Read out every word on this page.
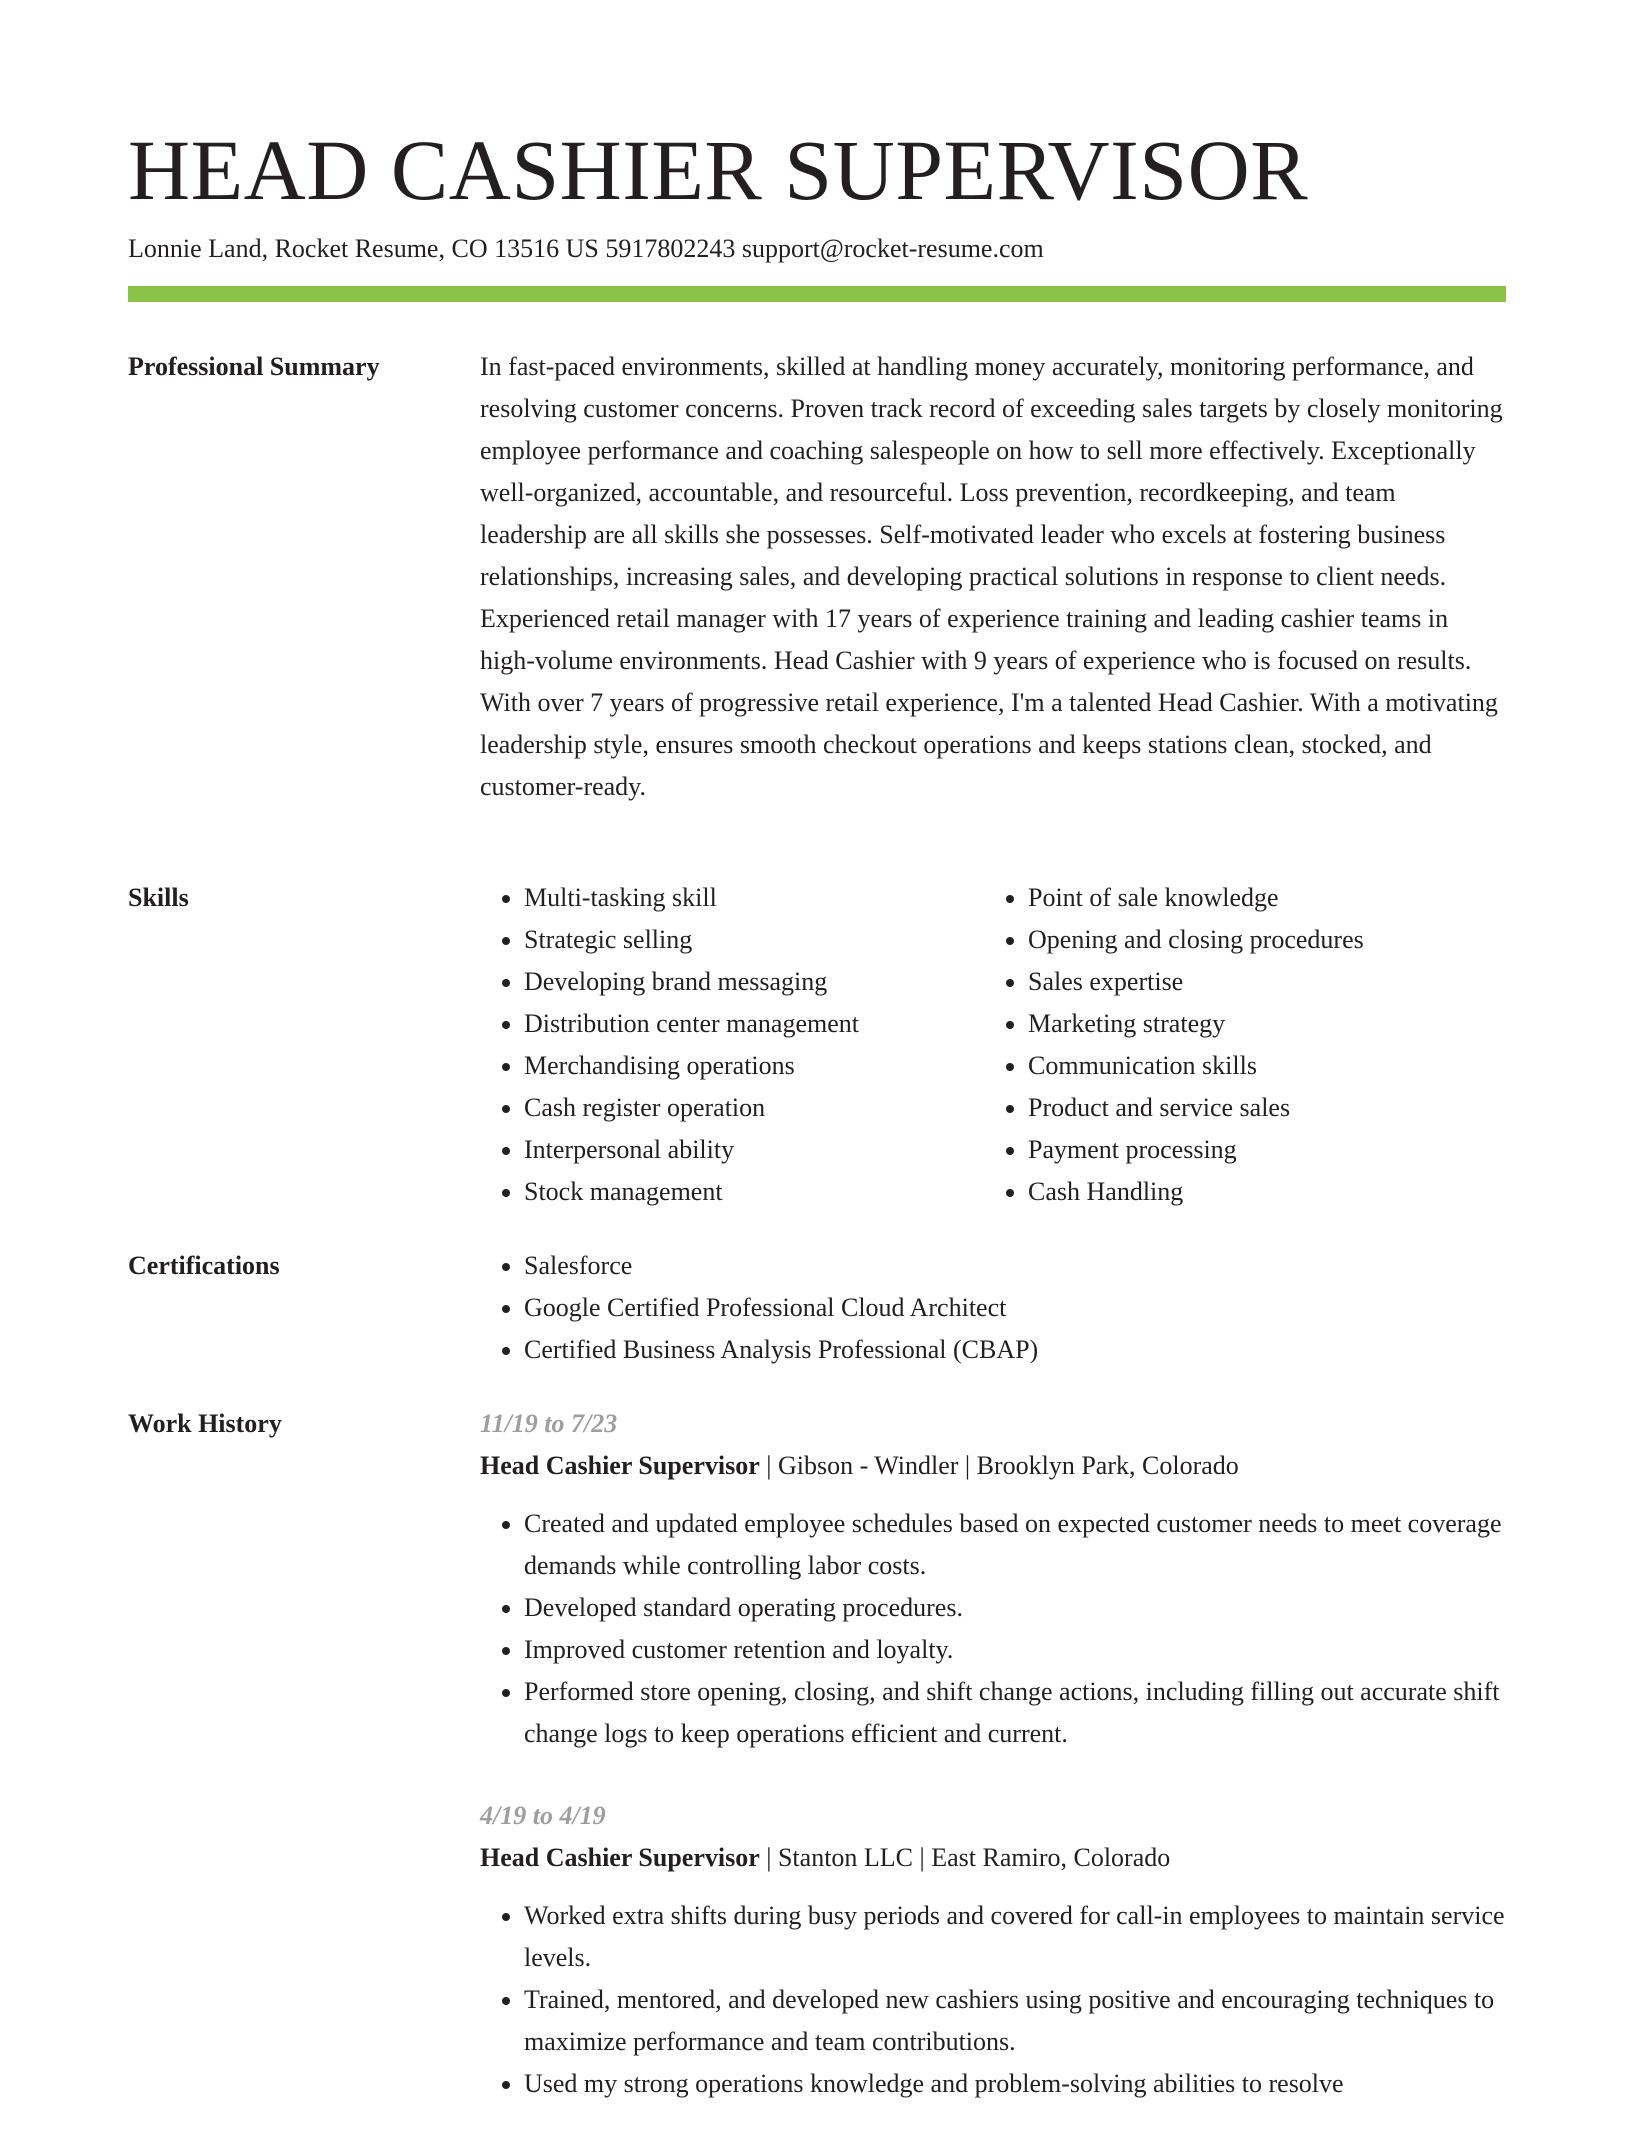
HEAD CASHIER SUPERVISOR
Lonnie Land, Rocket Resume, CO 13516 US 5917802243 support@rocket-resume.com
Professional Summary	In fast-paced environments, skilled at handling money accurately, monitoring performance, and resolving customer concerns. Proven track record of exceeding sales targets by closely monitoring employee performance and coaching salespeople on how to sell more effectively. Exceptionally well-organized, accountable, and resourceful. Loss prevention, recordkeeping, and team leadership are all skills she possesses. Self-motivated leader who excels at fostering business relationships, increasing sales, and developing practical solutions in response to client needs. Experienced retail manager with 17 years of experience training and leading cashier teams in high-volume environments. Head Cashier with 9 years of experience who is focused on results. With over 7 years of progressive retail experience, I'm a talented Head Cashier. With a motivating leadership style, ensures smooth checkout operations and keeps stations clean, stocked, and customer-ready.

Skills	• Multi-tasking skill
• Strategic selling
• Developing brand messaging
• Distribution center management
• Merchandising operations
• Cash register operation
• Interpersonal ability
• Stock management
• Point of sale knowledge
• Opening and closing procedures
• Sales expertise
• Marketing strategy
• Communication skills
• Product and service sales
• Payment processing
• Cash Handling
Certifications	• Salesforce
• Google Certified Professional Cloud Architect
• Certified Business Analysis Professional (CBAP)
Work History	11/19 to 7/23
Head Cashier Supervisor | Gibson - Windler | Brooklyn Park, Colorado
• Created and updated employee schedules based on expected customer needs to meet coverage demands while controlling labor costs.
• Developed standard operating procedures.
• Improved customer retention and loyalty.
• Performed store opening, closing, and shift change actions, including filling out accurate shift change logs to keep operations efficient and current.
4/19 to 4/19
Head Cashier Supervisor | Stanton LLC | East Ramiro, Colorado
• Worked extra shifts during busy periods and covered for call-in employees to maintain service levels.
• Trained, mentored, and developed new cashiers using positive and encouraging techniques to maximize performance and team contributions.
• Used my strong operations knowledge and problem-solving abilities to resolve
